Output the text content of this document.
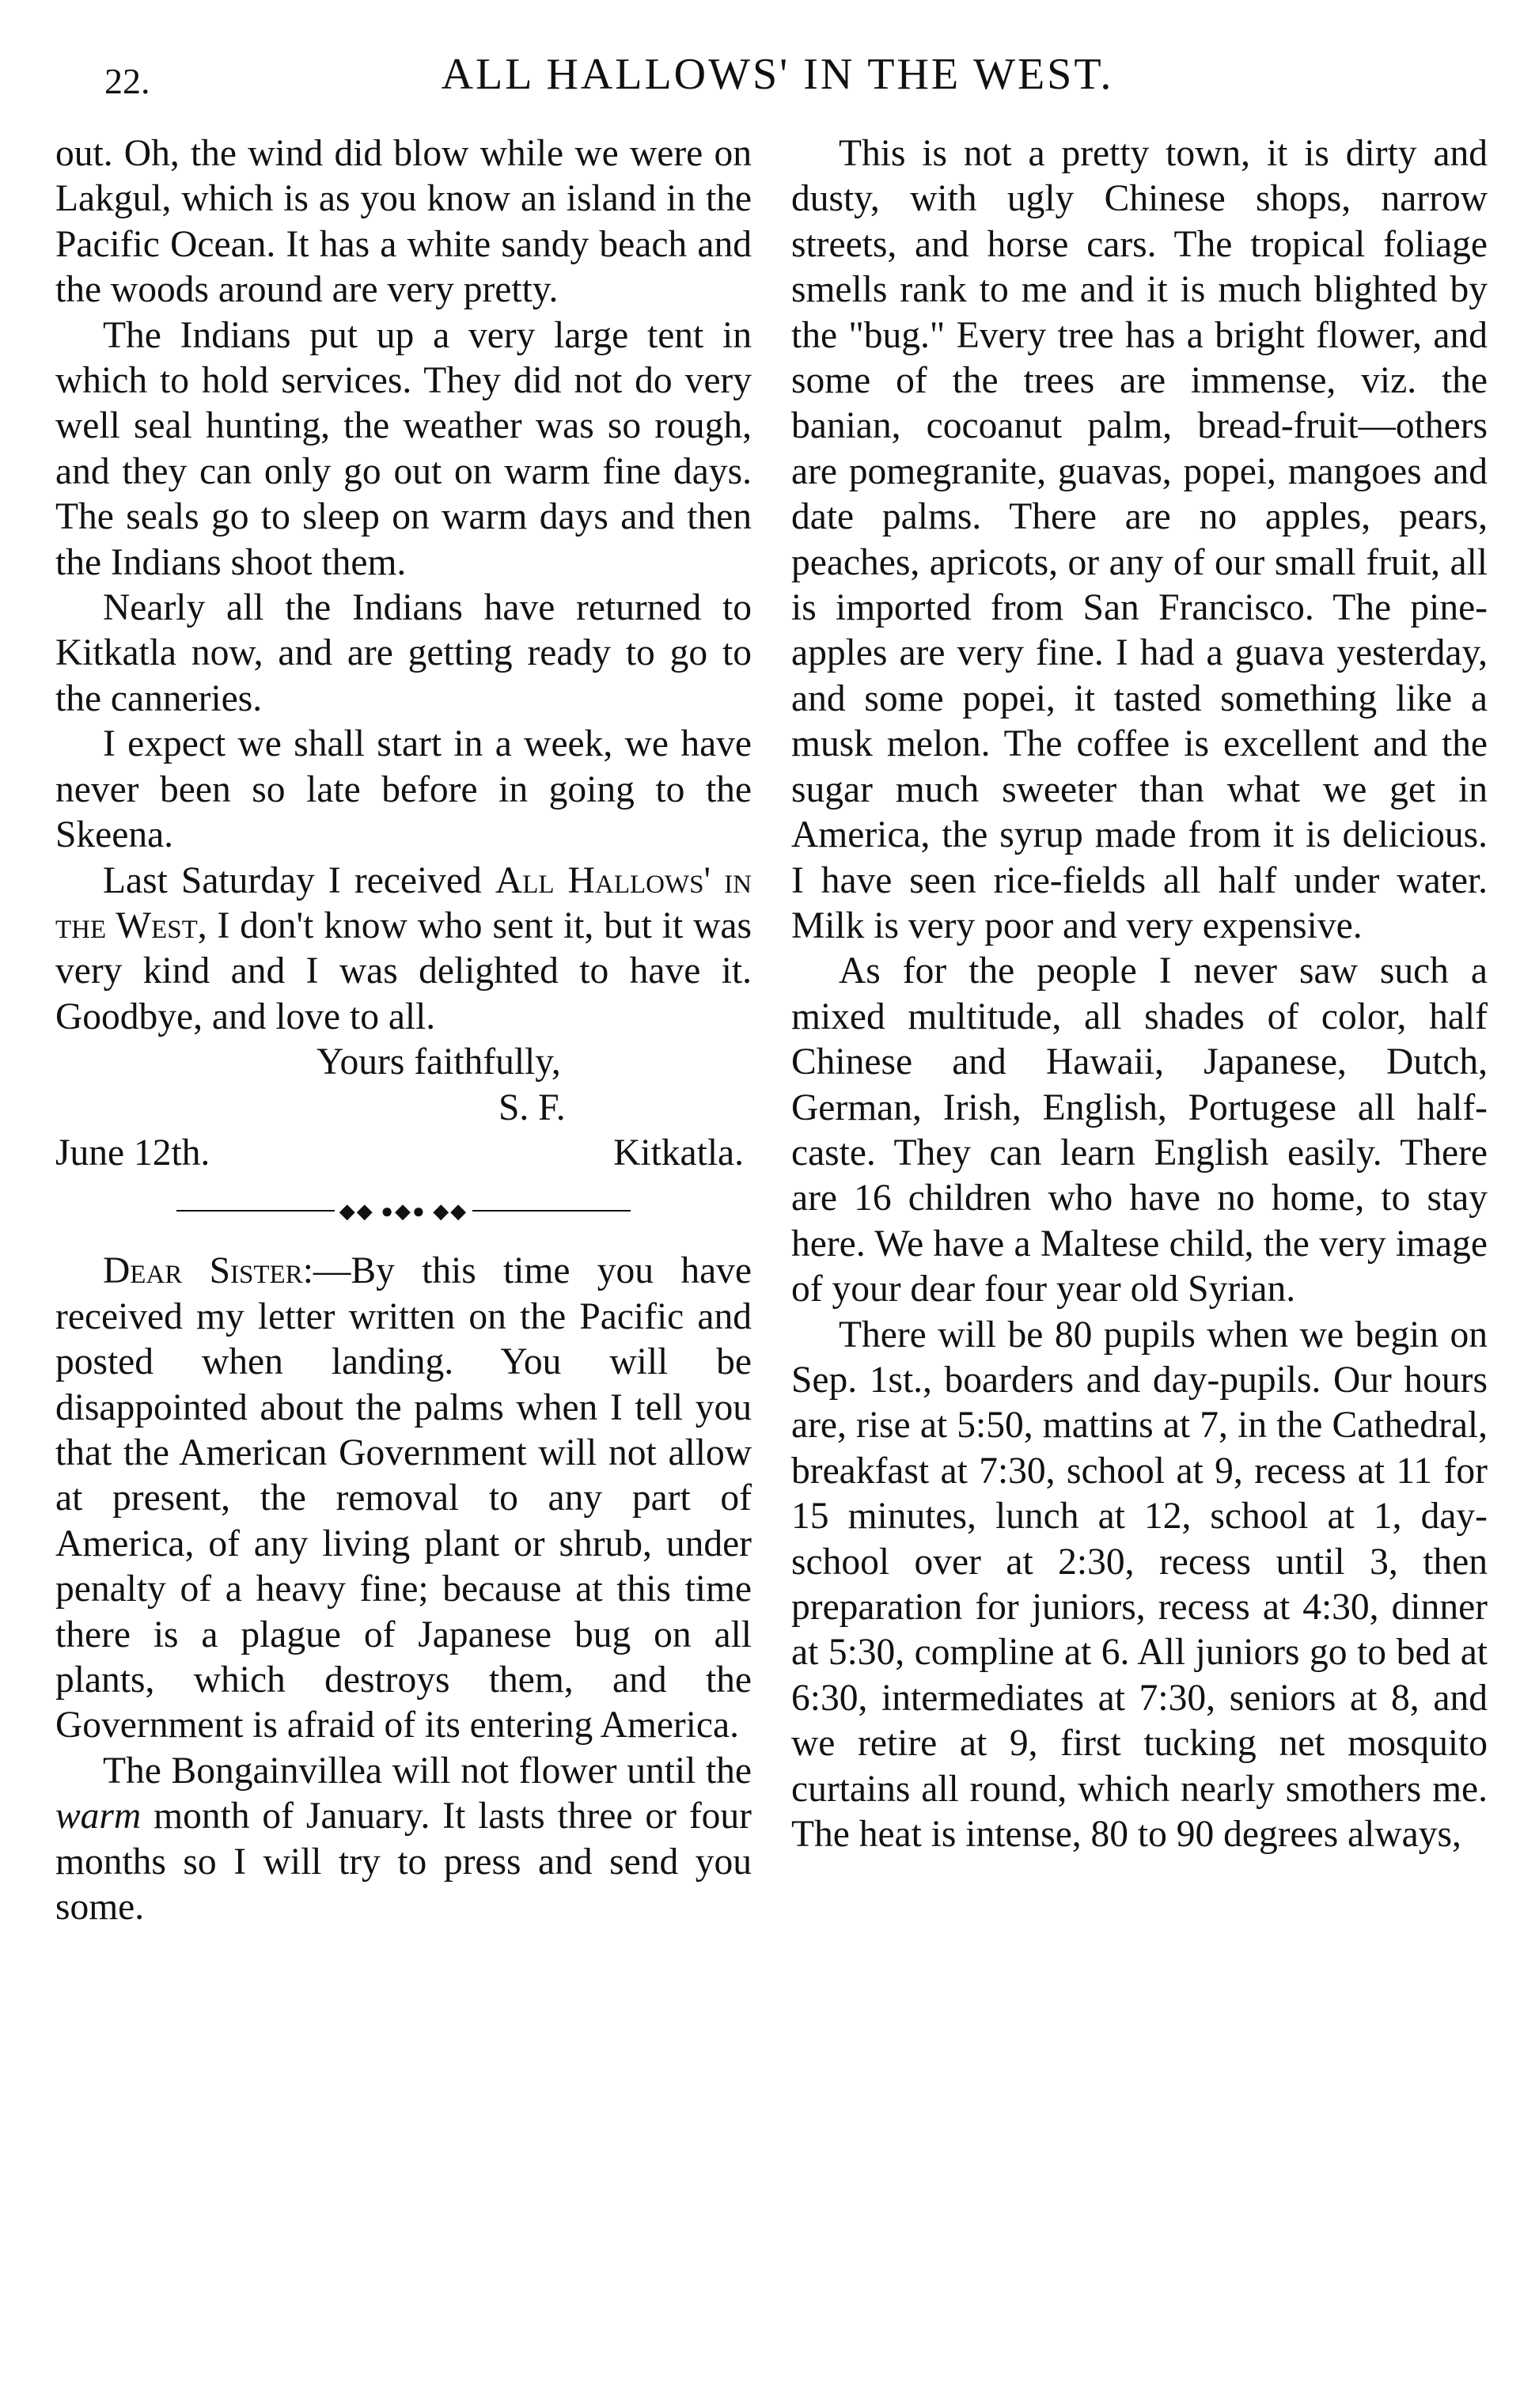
22.	ALL HALLOWS' IN THE WEST.

out. Oh, the wind did blow while we were on Lakgul, which is as you know an island in the Pacific Ocean. It has a white sandy beach and the woods around are very pretty.

The Indians put up a very large tent in which to hold services. They did not do very well seal hunting, the weather was so rough, and they can only go out on warm fine days. The seals go to sleep on warm days and then the Indians shoot them.

Nearly all the Indians have returned to Kitkatla now, and are getting ready to go to the canneries.

I expect we shall start in a week, we have never been so late before in going to the Skeena.

Last Saturday I received All Hallows' in the West, I don't know who sent it, but it was very kind and I was delighted to have it. Goodbye, and love to all.

Yours faithfully,

S. F.

June 12th.	Kitkatla.
◆◆ ●◆● ◆◆

Dear Sister:—By this time you have received my letter written on the Pacific and posted when landing. You will be disappointed about the palms when I tell you that the American Government will not allow at present, the removal to any part of America, of any living plant or shrub, under penalty of a heavy fine; because at this time there is a plague of Japanese bug on all plants, which destroys them, and the Government is afraid of its entering America.

The Bongainvillea will not flower until the warm month of January. It lasts three or four months so I will try to press and send you some.

This is not a pretty town, it is dirty and dusty, with ugly Chinese shops, narrow streets, and horse cars. The tropical foliage smells rank to me and it is much blighted by the "bug." Every tree has a bright flower, and some of the trees are immense, viz. the banian, cocoanut palm, bread-fruit—others are pomegranite, guavas, popei, mangoes and date palms. There are no apples, pears, peaches, apricots, or any of our small fruit, all is imported from San Francisco. The pine-apples are very fine. I had a guava yesterday, and some popei, it tasted something like a musk melon. The coffee is excellent and the sugar much sweeter than what we get in America, the syrup made from it is delicious. I have seen rice-fields all half under water. Milk is very poor and very expensive.

As for the people I never saw such a mixed multitude, all shades of color, half Chinese and Hawaii, Japanese, Dutch, German, Irish, English, Portugese all half-caste. They can learn English easily. There are 16 children who have no home, to stay here. We have a Maltese child, the very image of your dear four year old Syrian.

There will be 80 pupils when we begin on Sep. 1st., boarders and day-pupils. Our hours are, rise at 5:50, mattins at 7, in the Cathedral, breakfast at 7:30, school at 9, recess at 11 for 15 minutes, lunch at 12, school at 1, day-school over at 2:30, recess until 3, then preparation for juniors, recess at 4:30, dinner at 5:30, compline at 6. All juniors go to bed at 6:30, intermediates at 7:30, seniors at 8, and we retire at 9, first tucking net mosquito curtains all round, which nearly smothers me. The heat is intense, 80 to 90 degrees always,
